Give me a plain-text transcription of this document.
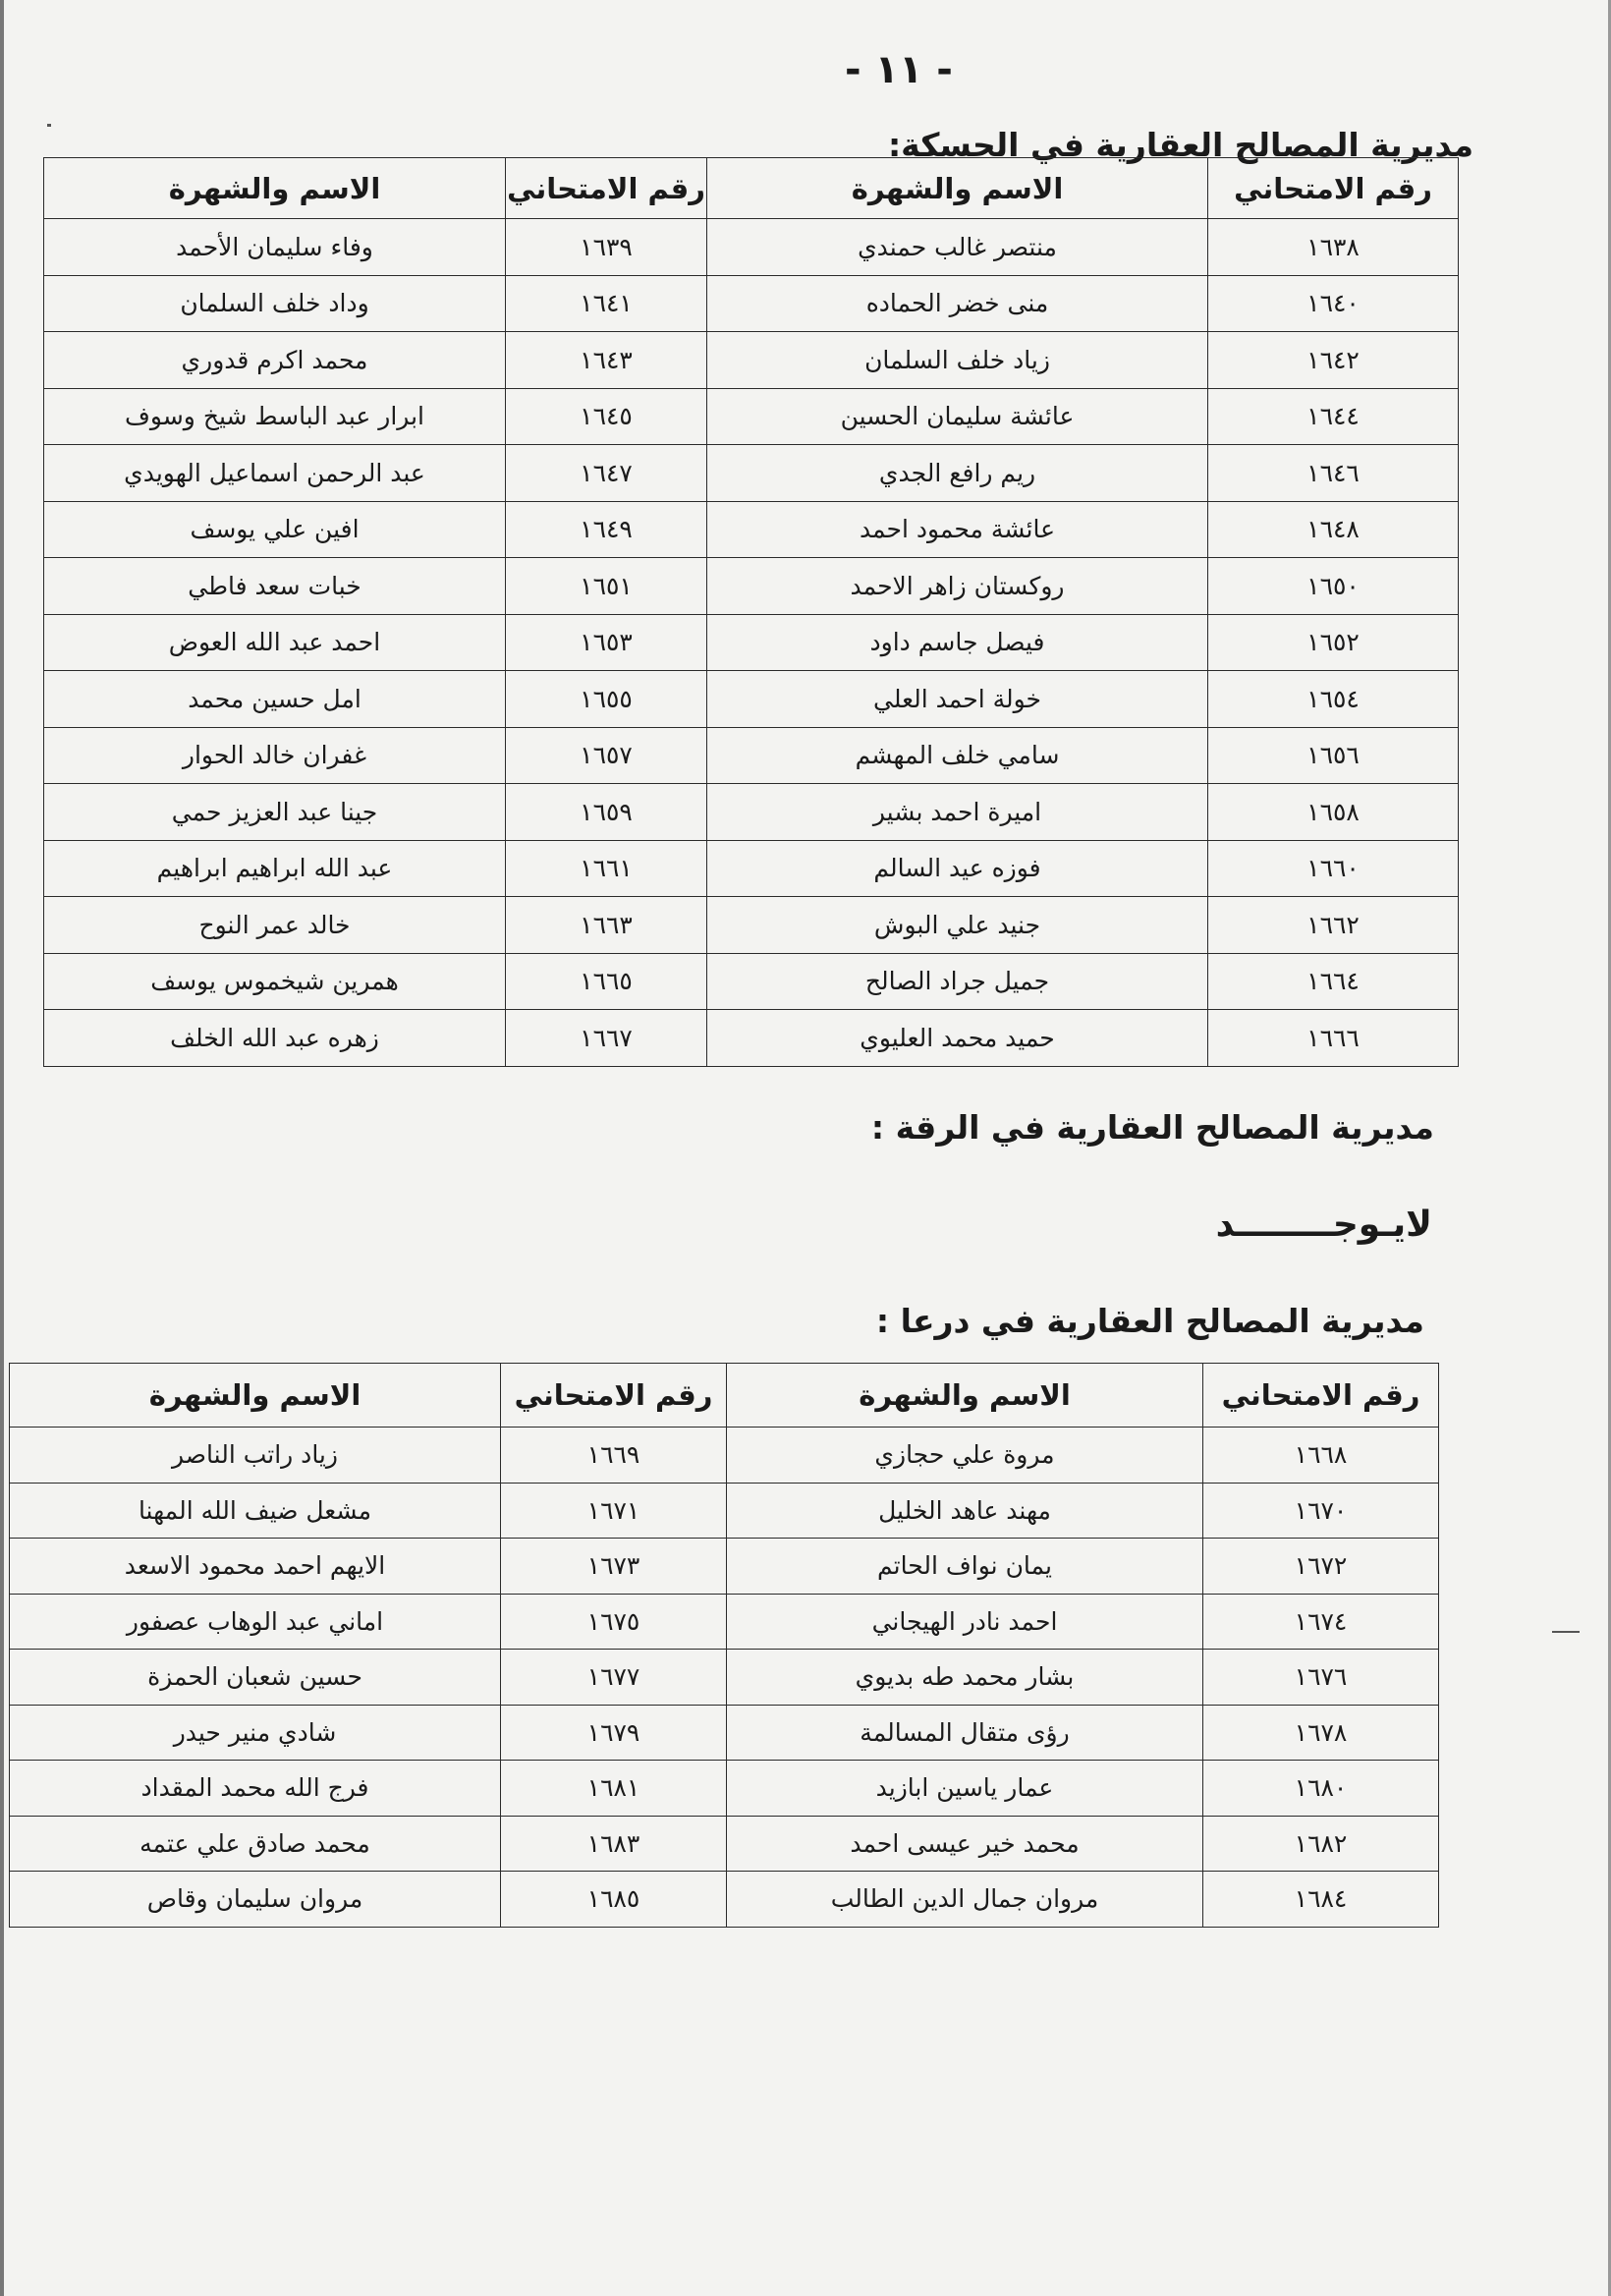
- ١١ -
مديرية المصالح العقارية في الحسكة:
رقم الامتحاني	الاسم والشهرة	رقم الامتحاني	الاسم والشهرة
١٦٣٨	منتصر غالب حمندي	١٦٣٩	وفاء سليمان الأحمد
١٦٤٠	منى خضر الحماده	١٦٤١	وداد خلف السلمان
١٦٤٢	زياد خلف السلمان	١٦٤٣	محمد اكرم قدوري
١٦٤٤	عائشة سليمان الحسين	١٦٤٥	ابرار عبد الباسط شيخ وسوف
١٦٤٦	ريم رافع الجدي	١٦٤٧	عبد الرحمن اسماعيل الهويدي
١٦٤٨	عائشة محمود احمد	١٦٤٩	افين علي يوسف
١٦٥٠	روكستان زاهر الاحمد	١٦٥١	خبات سعد فاطي
١٦٥٢	فيصل جاسم داود	١٦٥٣	احمد عبد الله العوض
١٦٥٤	خولة احمد العلي	١٦٥٥	امل حسين محمد
١٦٥٦	سامي خلف المهشم	١٦٥٧	غفران خالد الحوار
١٦٥٨	اميرة احمد بشير	١٦٥٩	جينا عبد العزيز حمي
١٦٦٠	فوزه عيد السالم	١٦٦١	عبد الله ابراهيم ابراهيم
١٦٦٢	جنيد علي البوش	١٦٦٣	خالد عمر النوح
١٦٦٤	جميل جراد الصالح	١٦٦٥	همرين شيخموس يوسف
١٦٦٦	حميد محمد العليوي	١٦٦٧	زهره عبد الله الخلف
مديرية المصالح العقارية في الرقة :
لايـوجــــــــد
مديرية المصالح العقارية في درعا :
رقم الامتحاني	الاسم والشهرة	رقم الامتحاني	الاسم والشهرة
١٦٦٨	مروة علي حجازي	١٦٦٩	زياد راتب الناصر
١٦٧٠	مهند عاهد الخليل	١٦٧١	مشعل ضيف الله المهنا
١٦٧٢	يمان نواف الحاتم	١٦٧٣	الايهم احمد محمود الاسعد
١٦٧٤	احمد نادر الهيجاني	١٦٧٥	اماني عبد الوهاب عصفور
١٦٧٦	بشار محمد طه بديوي	١٦٧٧	حسين شعبان الحمزة
١٦٧٨	رؤى متقال المسالمة	١٦٧٩	شادي منير حيدر
١٦٨٠	عمار ياسين ابازيد	١٦٨١	فرج الله محمد المقداد
١٦٨٢	محمد خير عيسى احمد	١٦٨٣	محمد صادق علي عتمه
١٦٨٤	مروان جمال الدين الطالب	١٦٨٥	مروان سليمان وقاص
